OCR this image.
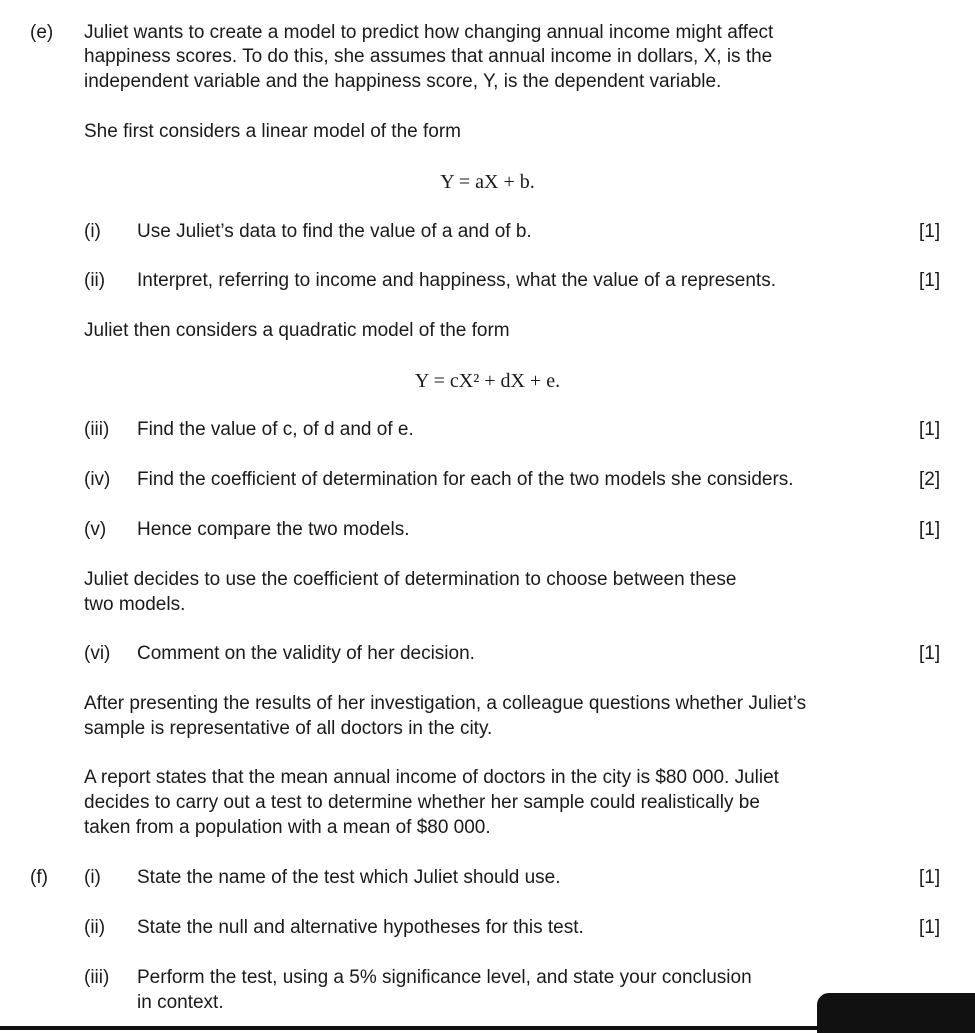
(e) Juliet wants to create a model to predict how changing annual income might affect
happiness scores. To do this, she assumes that annual income in dollars, X, is the
independent variable and the happiness score, Y, is the dependent variable.
She first considers a linear model of the form
Y = aX + b.
(i) Use Juliet’s data to find the value of a and of b.	[1]
(ii) Interpret, referring to income and happiness, what the value of a represents.	[1]
Juliet then considers a quadratic model of the form
Y = cX² + dX + e.
(iii) Find the value of c, of d and of e.	[1]
(iv) Find the coefficient of determination for each of the two models she considers.	[2]
(v) Hence compare the two models.	[1]
Juliet decides to use the coefficient of determination to choose between these
two models.
(vi) Comment on the validity of her decision.	[1]
After presenting the results of her investigation, a colleague questions whether Juliet’s
sample is representative of all doctors in the city.
A report states that the mean annual income of doctors in the city is $80 000. Juliet
decides to carry out a test to determine whether her sample could realistically be
taken from a population with a mean of $80 000.
(f) (i) State the name of the test which Juliet should use.	[1]
(ii) State the null and alternative hypotheses for this test.	[1]
(iii) Perform the test, using a 5% significance level, and state your conclusion
in context.
